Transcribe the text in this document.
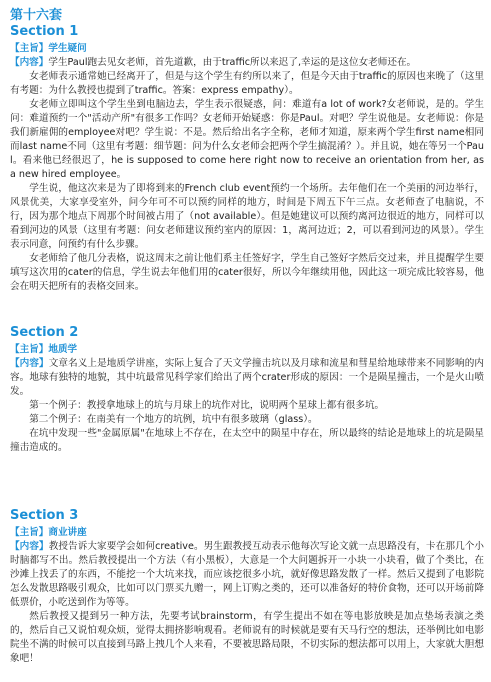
第十六套
Section 1

【主旨】学生疑问

【内容】学生Paul跑去见女老师，首先道歉，由于traffic所以来迟了,幸运的是这位女老师还在。

女老师表示通常她已经离开了，但是与这个学生有约所以来了，但是今天由于traffic的原因也来晚了（这里有考题：为什么教授也提到了traffic。答案：express empathy）。

女老师立即叫这个学生坐到电脑边去，学生表示很疑惑，问：难道有a lot of work?女老师说，是的。学生问：难道预约一个"活动产所"有很多工作吗？女老师开始疑惑：你是Paul。对吧？学生说他是。女老师说：你是我们新雇佣的employee对吧？学生说：不是。然后给出名字全称，老师才知道，原来两个学生first name相同而last name不同（这里有考题：细节题：问为什么女老师会把两个学生搞混淆？）。并且说，她在等另一个Paul。看来他已经很迟了，he is supposed to come here right now to receive an orientation from her, as a new hired employee。

学生说，他这次来是为了即将到来的French club event预约一个场所。去年他们在一个美丽的河边举行，风景优美，大家享受室外，问今年可不可以预约同样的地方，时间是下周五下午三点。女老师查了电脑说，不行，因为那个地点下周那个时间被占用了（not available）。但是她建议可以预约离河边很近的地方，同样可以看到河边的风景（这里有考题：问女老师建议预约室内的原因：1，离河边近；2，可以看到河边的风景）。学生表示同意，问预约有什么步骤。

女老师给了他几分表格，说这周末之前让他们系主任签好字，学生自己签好字然后交过来，并且提醒学生要填写这次用的cater的信息，学生说去年他们用的cater很好，所以今年继续用他，因此这一项完成比较容易，他会在明天把所有的表格交回来。

Section 2

【主旨】地质学

【内容】文章名义上是地质学讲座，实际上复合了天文学撞击坑以及月球和流星和彗星给地球带来不同影响的内容。地球有独特的地貌，其中坑最常见科学家们给出了两个crater形成的原因：一个是陨星撞击，一个是火山喷发。

第一个例子：教授拿地球上的坑与月球上的坑作对比，说明两个星球上都有很多坑。

第二个例子：在南美有一个地方的坑例，坑中有很多玻璃（glass）。

在坑中发现一些"金属原属"在地球上不存在，在太空中的陨星中存在，所以最终的结论是地球上的坑是陨星撞击造成的。

Section 3

【主旨】商业讲座

【内容】教授告诉大家要学会如何creative。男生跟教授互动表示他每次写论文就一点思路没有，卡在那几个小时脑都写不出。然后教授提出一个方法（有小黑板），大意是一个大问题拆开一小块一小块看，做了个类比，在沙滩上找丢了的东西，不能挖一个大坑来找，而应该挖很多小坑，就好像思路发散了一样。然后又提到了电影院怎么发散思路吸引观众，比如可以门票买九赠一，网上订购之类的，还可以准备好的特价食物，还可以开场前降低票价，小吃送到作为等等。

然后教授又提到另一种方法，先要考试brainstorm，有学生提出不如在等电影放映是加点垫场表演之类的，然后自己又说怕观众烦，觉得太拥挤影响观看。老师说有的时候就是要有天马行空的想法，还举例比如电影院坐不满的时候可以直接到马路上拽几个人来看，不要被思路局限，不切实际的想法都可以用上，大家就大胆想象吧！
